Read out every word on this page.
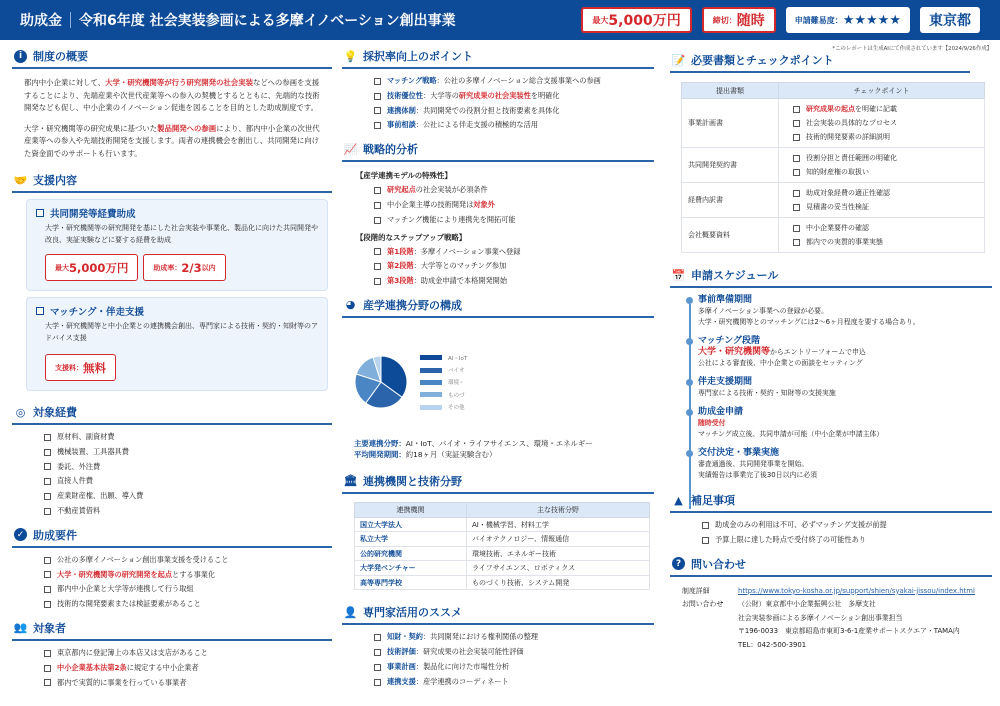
助成金 令和6年度 社会実装参画による多摩イノベーション創出事業	最大 5,000万円	締切： 随時	申請難易度： ★★★★★ 東京都
*このレポートは生成AIにて作成されています【2024/9/26作成】
i 制度の概要

都内中小企業に対して、大学・研究機関等が行う研究開発の社会実装などへの参画を支援することにより、先端産業や次世代産業等への参入の契機とするとともに、先端的な技術開発なども促し、中小企業のイノベーション促進を図ることを目的とした助成制度です。

大学・研究機関等の研究成果に基づいた製品開発への参画により、都内中小企業の次世代産業等への参入や先端技術開発を支援します。両者の連携機会を創出し、共同開発に向けた資金面でのサポートも行います。

🤝 支援内容
共同開発等経費助成
大学・研究機関等の研究開発を基にした社会実装や事業化、製品化に向けた共同開発や改良、実証実験などに要する経費を助成
最大 5,000万円	助成率： 2/3 以内
マッチング・伴走支援
大学・研究機関等と中小企業との連携機会創出、専門家による技術・契約・知財等のアドバイス支援
支援料： 無料
◎ 対象経費
原材料、副資材費
機械装置、工具器具費
委託、外注費
直接人件費
産業財産権、出願、導入費
不動産賃借料
✓ 助成要件
公社の多摩イノベーション創出事業支援を受けること
大学・研究機関等の研究開発を起点 とする事業化
都内中小企業と大学等が連携して行う取組
技術的な開発要素または検証要素があること
👥 対象者
東京都内に登記簿上の本店又は支店があること
中小企業基本法第2条 に規定する中小企業者
都内で実質的に事業を行っている事業者
💡 採択率向上のポイント
マッチング戦略 ：公社の多摩イノベーション総合支援事業への参画
技術優位性 ：大学等の 研究成果の社会実装性 を明確化
連携体制 ：共同開発での役割分担と技術要素を具体化
事前相談 ：公社による伴走支援の積極的な活用
📈 戦略的分析
【産学連携モデルの特殊性】
研究起点 の社会実装が必須条件
中小企業主導の技術開発は 対象外
マッチング機能により連携先を開拓可能
【段階的なステップアップ戦略】
第1段階 ：多摩イノベーション事業へ登録
第2段階 ：大学等とのマッチング参加
第3段階 ：助成金申請で本格開発開始
◕ 産学連携分野の構成
AI・IoT
バイオ
環境・
ものづ
その他
主要連携分野：AI・IoT、バイオ・ライフサイエンス、環境・エネルギー
平均開発期間：約18ヶ月（実証実験含む）
🏛 連携機関と技術分野
連携機関	主な技術分野
国立大学法人	AI・機械学習、材料工学
私立大学	バイオテクノロジー、情報通信
公的研究機関	環境技術、エネルギー技術
大学発ベンチャー	ライフサイエンス、ロボティクス
高等専門学校	ものづくり技術、システム開発
👤 専門家活用のススメ
知財・契約 ：共同開発における権利関係の整理
技術評価 ：研究成果の社会実装可能性評価
事業計画 ：製品化に向けた市場性分析
連携支援 ：産学連携のコーディネート
📝 必要書類とチェックポイント
提出書類	チェックポイント
事業計画書	研究成果の起点 を明確に記載
社会実装の具体的なプロセス
技術的開発要素の詳細説明

共同開発契約書	役割分担と責任範囲の明確化
知的財産権の取扱い

経費内訳書	助成対象経費の適正性確認
見積書の妥当性検証

会社概要資料	中小企業要件の確認
都内での実質的事業実態
📅 申請スケジュール
事前準備期間
多摩イノベーション事業への登録が必要。
大学・研究機関等とのマッチングには2〜6ヶ月程度を要する場合あり。
マッチング段階
大学・研究機関等からエントリーフォームで申込
公社による審査後、中小企業との面談をセッティング
伴走支援期間
専門家による技術・契約・知財等の支援実施
助成金申請
随時受付
マッチング成立後、共同申請が可能（中小企業が申請主体）
交付決定・事業実施
審査通過後、共同開発事業を開始。
実績報告は事業完了後30日以内に必須
▲ 補足事項
助成金のみの利用は不可、必ずマッチング支援が前提
予算上限に達した時点で受付終了の可能性あり
? 問い合わせ
制度詳細	https://www.tokyo-kosha.or.jp/support/shien/syakai-jissou/index.html
お問い合わせ	（公財）東京都中小企業振興公社　多摩支社
社会実装参画による多摩イノベーション創出事業担当
〒196-0033　東京都昭島市東町3-6-1産業サポートスクエア・TAMA内
TEL：042-500-3901
